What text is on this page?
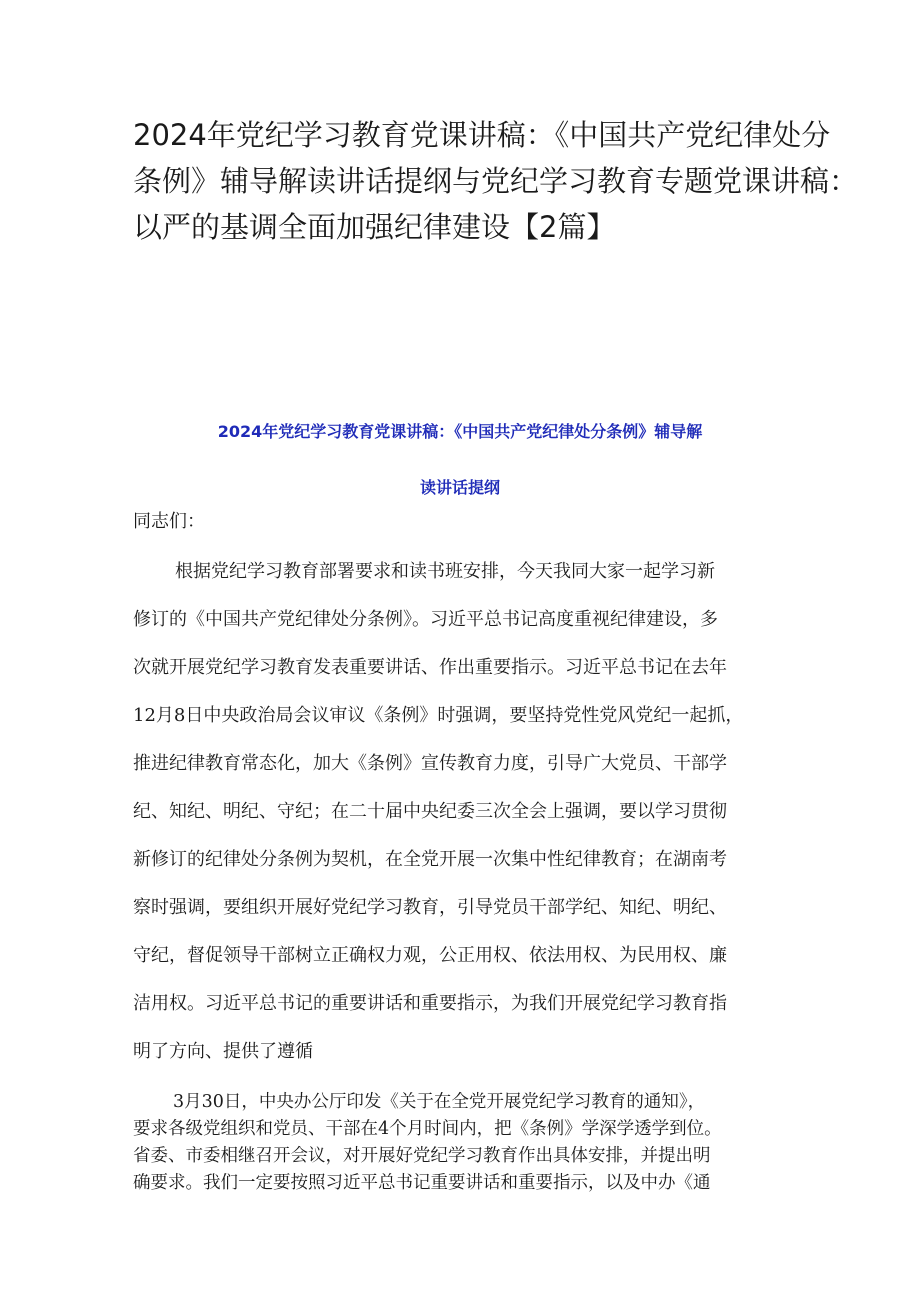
2024年党纪学习教育党课讲稿：《中国共产党纪律处分
条例》辅导解读讲话提纲与党纪学习教育专题党课讲稿：
以严的基调全面加强纪律建设【2篇】
2024年党纪学习教育党课讲稿：《中国共产党纪律处分条例》辅导解
读讲话提纲
同志们：
根据党纪学习教育部署要求和读书班安排，今天我同大家一起学习新
修订的《中国共产党纪律处分条例》。习近平总书记高度重视纪律建设，多
次就开展党纪学习教育发表重要讲话、作出重要指示。习近平总书记在去年
12月8日中央政治局会议审议《条例》时强调，要坚持党性党风党纪一起抓，
推进纪律教育常态化，加大《条例》宣传教育力度，引导广大党员、干部学
纪、知纪、明纪、守纪；在二十届中央纪委三次全会上强调，要以学习贯彻
新修订的纪律处分条例为契机，在全党开展一次集中性纪律教育；在湖南考
察时强调，要组织开展好党纪学习教育，引导党员干部学纪、知纪、明纪、
守纪，督促领导干部树立正确权力观，公正用权、依法用权、为民用权、廉
洁用权。习近平总书记的重要讲话和重要指示，为我们开展党纪学习教育指
明了方向、提供了遵循
3月30日，中央办公厅印发《关于在全党开展党纪学习教育的通知》，
要求各级党组织和党员、干部在4个月时间内，把《条例》学深学透学到位。
省委、市委相继召开会议，对开展好党纪学习教育作出具体安排，并提出明
确要求。我们一定要按照习近平总书记重要讲话和重要指示，以及中办《通
